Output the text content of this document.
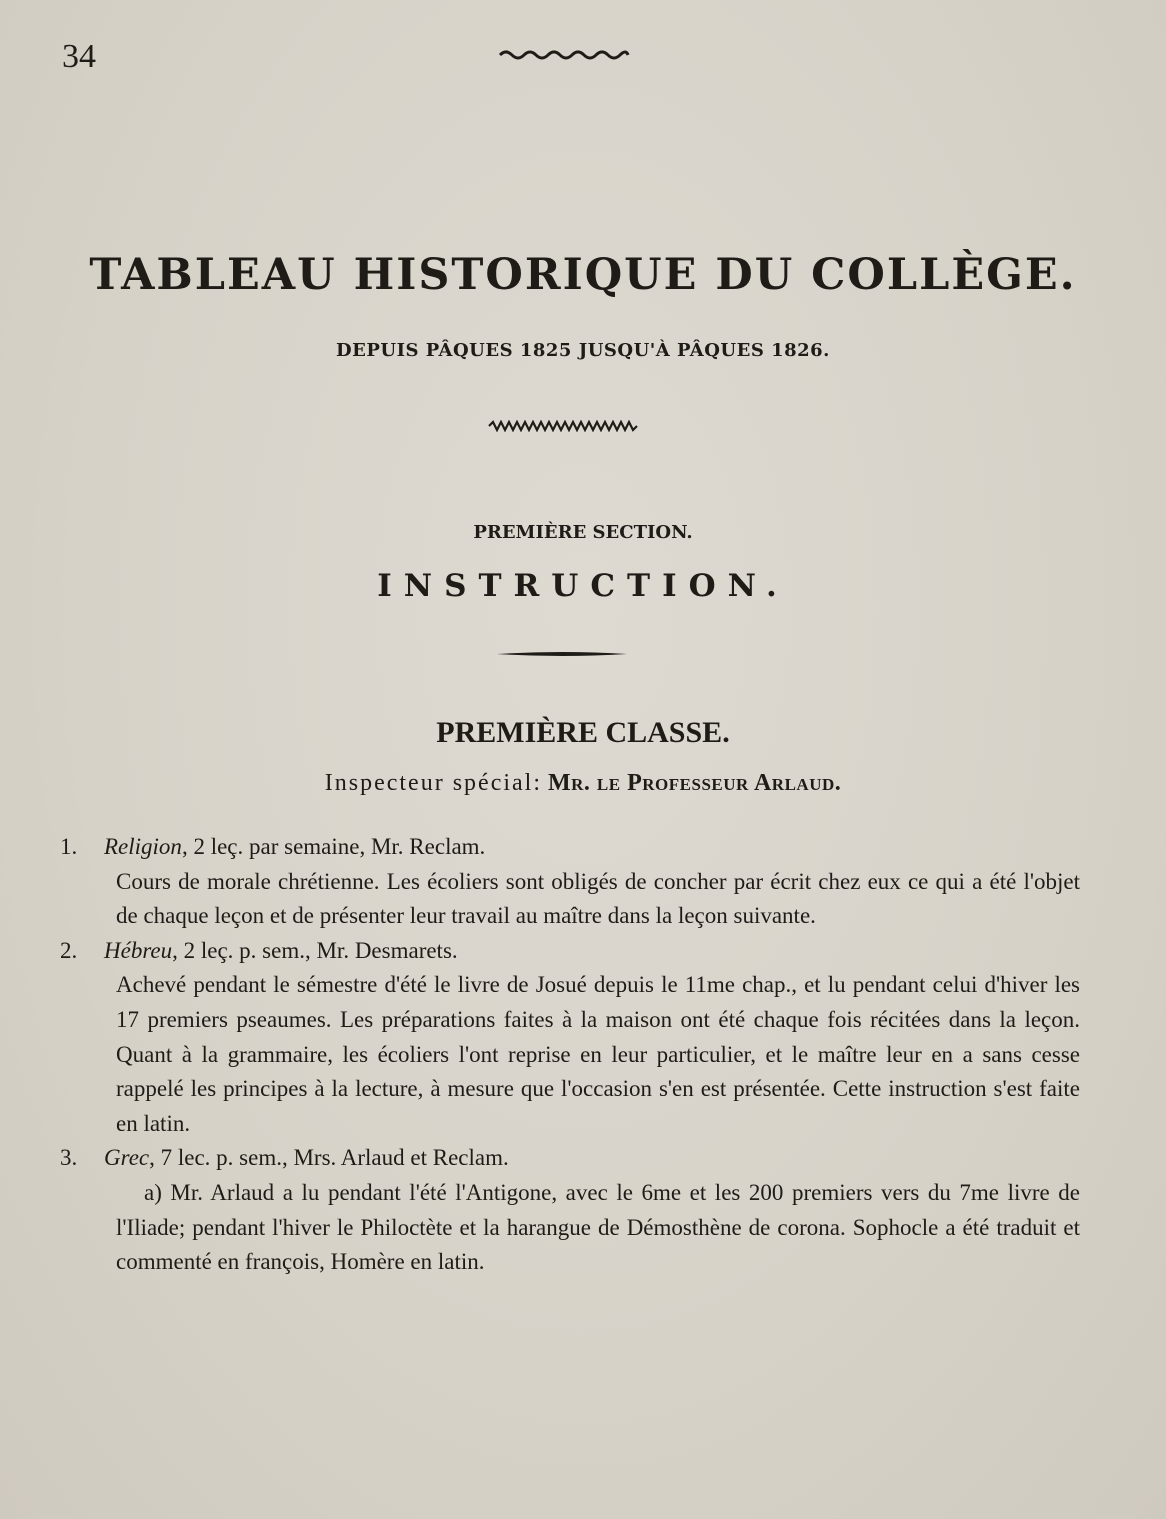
34
TABLEAU HISTORIQUE DU COLLÈGE.
DEPUIS PÂQUES 1825 JUSQU'À PÂQUES 1826.
PREMIÈRE SECTION.
INSTRUCTION.
PREMIÈRE CLASSE.
Inspecteur spécial: Mr. le Professeur Arlaud.
1. Religion, 2 leç. par semaine, Mr. Reclam.
Cours de morale chrétienne. Les écoliers sont obligés de concher par écrit chez eux ce qui a été l'objet de chaque leçon et de présenter leur travail au maître dans la leçon suivante.
2. Hébreu, 2 leç. p. sem., Mr. Desmarets.
Achevé pendant le sémestre d'été le livre de Josué depuis le 11me chap., et lu pendant celui d'hiver les 17 premiers pseaumes. Les préparations faites à la maison ont été chaque fois récitées dans la leçon. Quant à la grammaire, les écoliers l'ont reprise en leur particulier, et le maître leur en a sans cesse rappelé les principes à la lecture, à mesure que l'occasion s'en est présentée. Cette instruction s'est faite en latin.
3. Grec, 7 lec. p. sem., Mrs. Arlaud et Reclam.
a) Mr. Arlaud a lu pendant l'été l'Antigone, avec le 6me et les 200 premiers vers du 7me livre de l'Iliade; pendant l'hiver le Philoctète et la harangue de Démosthène de corona. Sophocle a été traduit et commenté en françois, Homère en latin.
